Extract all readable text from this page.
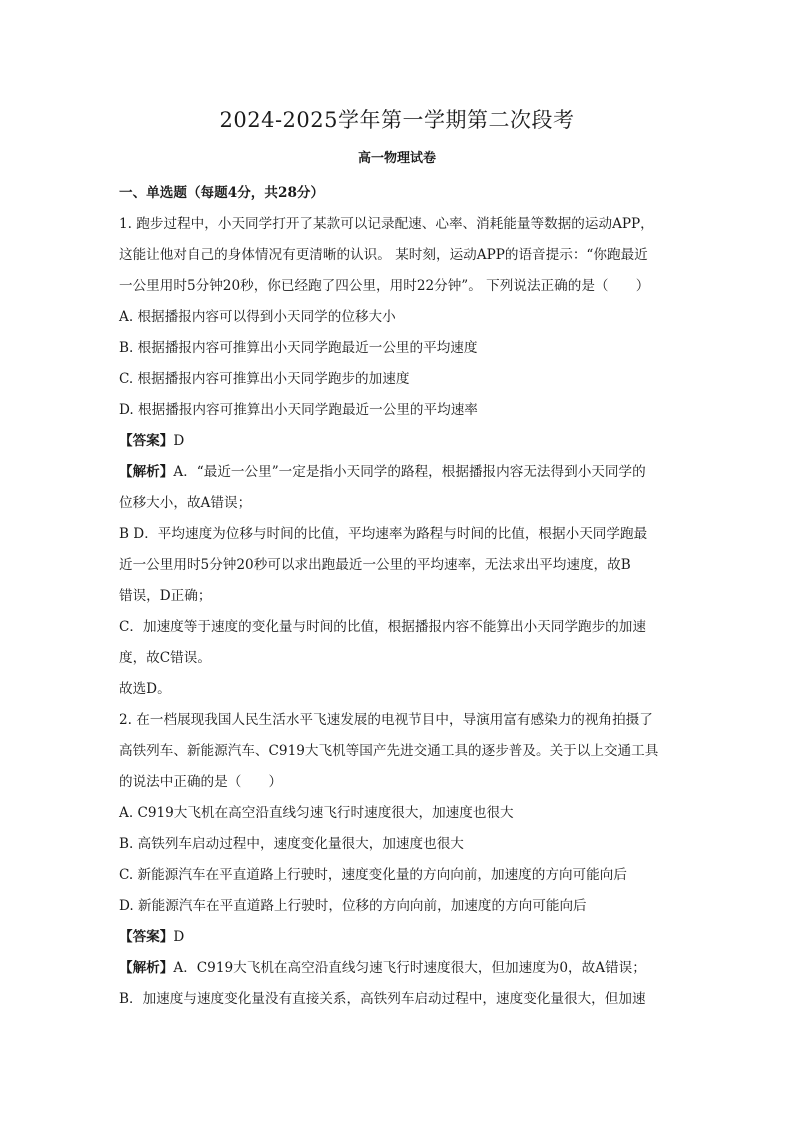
2024-2025学年第一学期第二次段考
高一物理试卷
一、单选题（每题4分，共28分）
1. 跑步过程中，小天同学打开了某款可以记录配速、心率、消耗能量等数据的运动APP，
这能让他对自己的身体情况有更清晰的认识。 某时刻，运动APP的语音提示：“你跑最近
一公里用时5分钟20秒，你已经跑了四公里，用时22分钟”。 下列说法正确的是（　　）
A. 根据播报内容可以得到小天同学的位移大小
B. 根据播报内容可推算出小天同学跑最近一公里的平均速度
C. 根据播报内容可推算出小天同学跑步的加速度
D. 根据播报内容可推算出小天同学跑最近一公里的平均速率
【答案】D
【解析】A．“最近一公里”一定是指小天同学的路程，根据播报内容无法得到小天同学的
位移大小，故A错误；
B D．平均速度为位移与时间的比值，平均速率为路程与时间的比值，根据小天同学跑最
近一公里用时5分钟20秒可以求出跑最近一公里的平均速率，无法求出平均速度，故B
错误，D正确；
C．加速度等于速度的变化量与时间的比值，根据播报内容不能算出小天同学跑步的加速
度，故C错误。
故选D。
2. 在一档展现我国人民生活水平飞速发展的电视节目中，导演用富有感染力的视角拍摄了
高铁列车、新能源汽车、C919大飞机等国产先进交通工具的逐步普及。关于以上交通工具
的说法中正确的是（　　）
A. C919大飞机在高空沿直线匀速飞行时速度很大，加速度也很大
B. 高铁列车启动过程中，速度变化量很大，加速度也很大
C. 新能源汽车在平直道路上行驶时，速度变化量的方向向前，加速度的方向可能向后
D. 新能源汽车在平直道路上行驶时，位移的方向向前，加速度的方向可能向后
【答案】D
【解析】A．C919大飞机在高空沿直线匀速飞行时速度很大，但加速度为0，故A错误；
B．加速度与速度变化量没有直接关系，高铁列车启动过程中，速度变化量很大，但加速
